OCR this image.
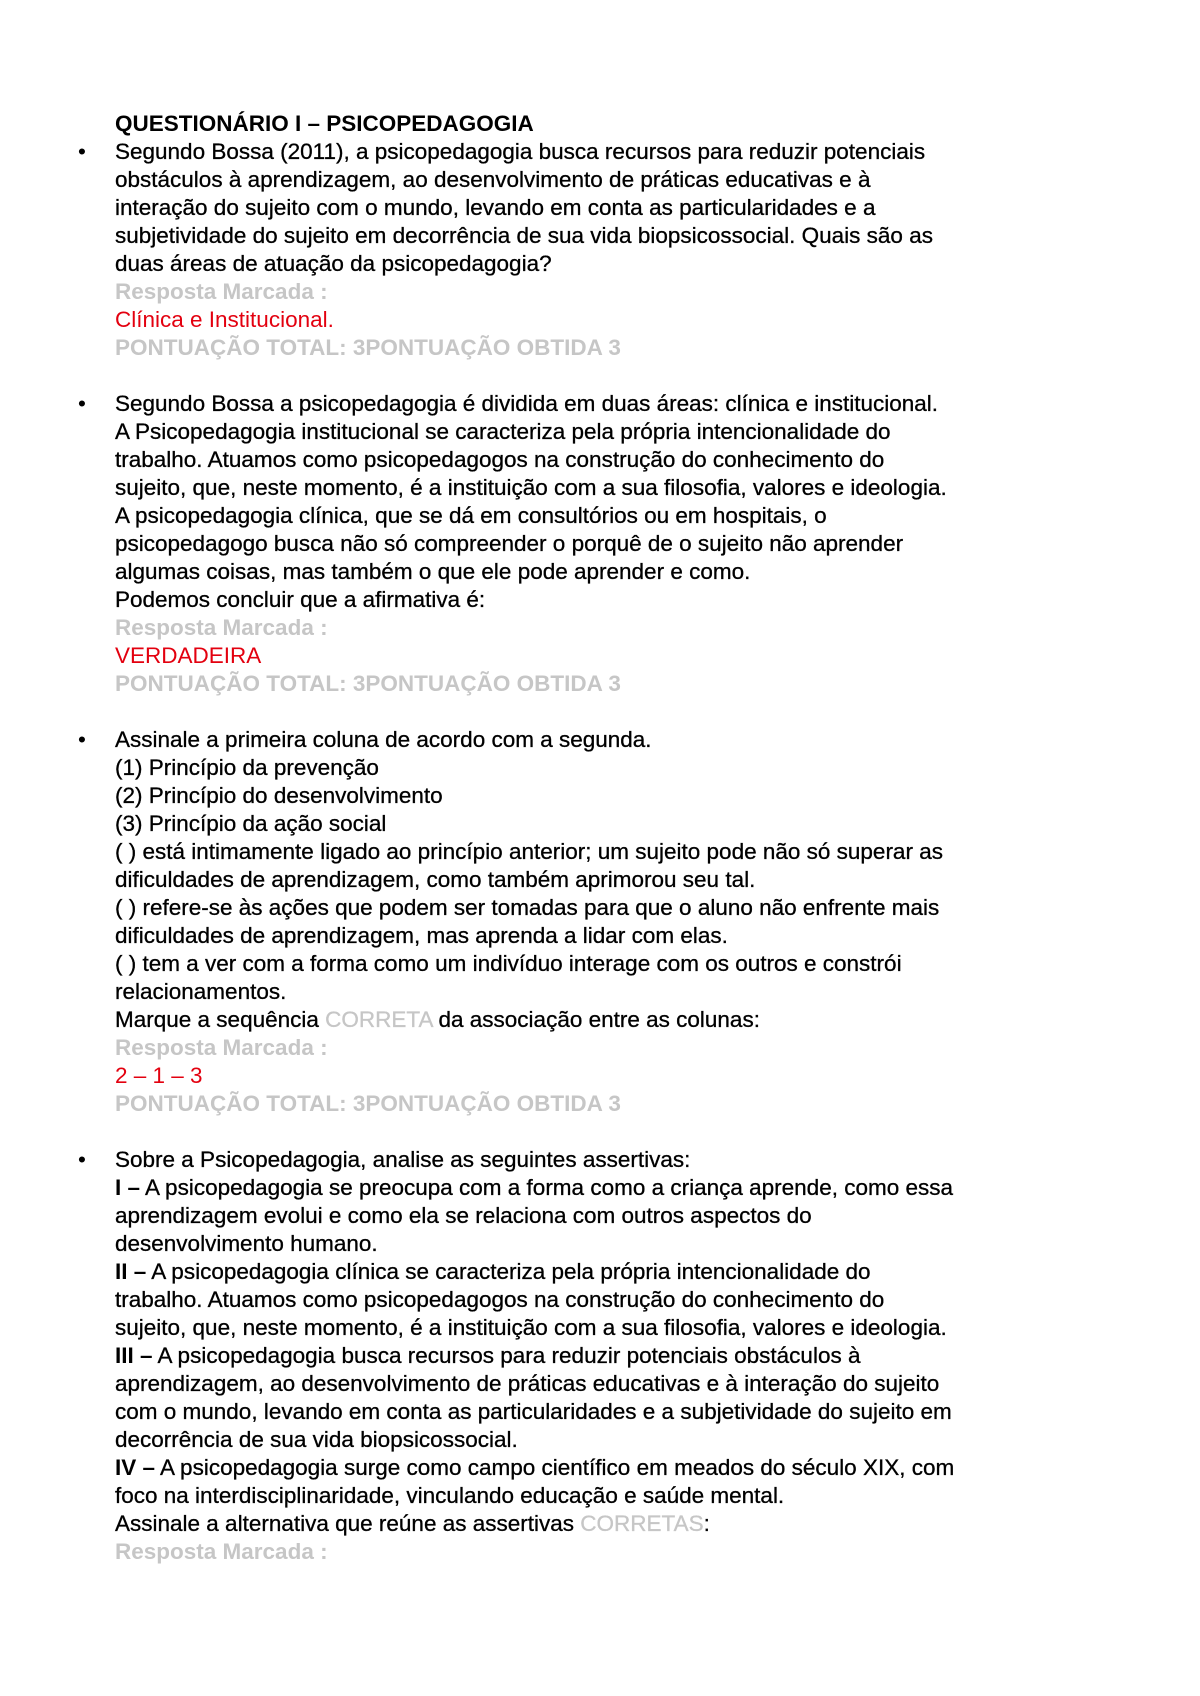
QUESTIONÁRIO I – PSICOPEDAGOGIA
• Segundo Bossa (2011), a psicopedagogia busca recursos para reduzir potenciais
obstáculos à aprendizagem, ao desenvolvimento de práticas educativas e à
interação do sujeito com o mundo, levando em conta as particularidades e a
subjetividade do sujeito em decorrência de sua vida biopsicossocial. Quais são as
duas áreas de atuação da psicopedagogia?
Resposta Marcada :
Clínica e Institucional.
PONTUAÇÃO TOTAL: 3PONTUAÇÃO OBTIDA 3
• Segundo Bossa a psicopedagogia é dividida em duas áreas: clínica e institucional.
A Psicopedagogia institucional se caracteriza pela própria intencionalidade do
trabalho. Atuamos como psicopedagogos na construção do conhecimento do
sujeito, que, neste momento, é a instituição com a sua filosofia, valores e ideologia.
A psicopedagogia clínica, que se dá em consultórios ou em hospitais, o
psicopedagogo busca não só compreender o porquê de o sujeito não aprender
algumas coisas, mas também o que ele pode aprender e como.
Podemos concluir que a afirmativa é:
Resposta Marcada :
VERDADEIRA
PONTUAÇÃO TOTAL: 3PONTUAÇÃO OBTIDA 3
• Assinale a primeira coluna de acordo com a segunda.
(1) Princípio da prevenção
(2) Princípio do desenvolvimento
(3) Princípio da ação social
( ) está intimamente ligado ao princípio anterior; um sujeito pode não só superar as
dificuldades de aprendizagem, como também aprimorou seu tal.
( ) refere-se às ações que podem ser tomadas para que o aluno não enfrente mais
dificuldades de aprendizagem, mas aprenda a lidar com elas.
( ) tem a ver com a forma como um indivíduo interage com os outros e constrói
relacionamentos.
Marque a sequência CORRETA da associação entre as colunas:
Resposta Marcada :
2 – 1 – 3
PONTUAÇÃO TOTAL: 3PONTUAÇÃO OBTIDA 3
• Sobre a Psicopedagogia, analise as seguintes assertivas:
I – A psicopedagogia se preocupa com a forma como a criança aprende, como essa
aprendizagem evolui e como ela se relaciona com outros aspectos do
desenvolvimento humano.
II – A psicopedagogia clínica se caracteriza pela própria intencionalidade do
trabalho. Atuamos como psicopedagogos na construção do conhecimento do
sujeito, que, neste momento, é a instituição com a sua filosofia, valores e ideologia.
III – A psicopedagogia busca recursos para reduzir potenciais obstáculos à
aprendizagem, ao desenvolvimento de práticas educativas e à interação do sujeito
com o mundo, levando em conta as particularidades e a subjetividade do sujeito em
decorrência de sua vida biopsicossocial.
IV – A psicopedagogia surge como campo científico em meados do século XIX, com
foco na interdisciplinaridade, vinculando educação e saúde mental.
Assinale a alternativa que reúne as assertivas CORRETAS:
Resposta Marcada :
